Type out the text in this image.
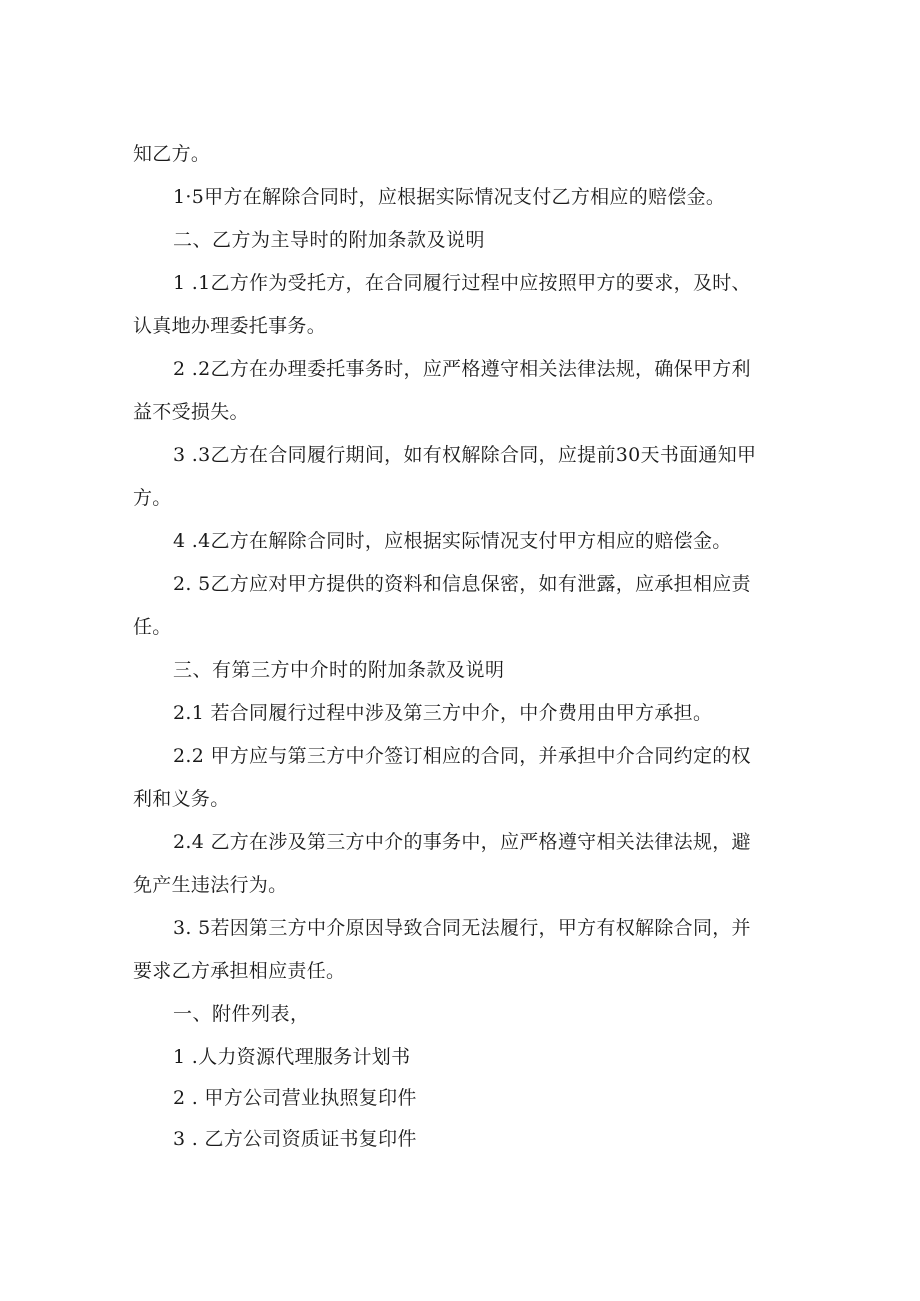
知乙方。
1·5甲方在解除合同时，应根据实际情况支付乙方相应的赔偿金。
二、乙方为主导时的附加条款及说明
1 .1乙方作为受托方，在合同履行过程中应按照甲方的要求，及时、
认真地办理委托事务。
2 .2乙方在办理委托事务时，应严格遵守相关法律法规，确保甲方利
益不受损失。
3 .3乙方在合同履行期间，如有权解除合同，应提前30天书面通知甲
方。
4 .4乙方在解除合同时，应根据实际情况支付甲方相应的赔偿金。
2. 5乙方应对甲方提供的资料和信息保密，如有泄露，应承担相应责
任。
三、有第三方中介时的附加条款及说明
2.1 若合同履行过程中涉及第三方中介，中介费用由甲方承担。
2.2 甲方应与第三方中介签订相应的合同，并承担中介合同约定的权
利和义务。
2.4 乙方在涉及第三方中介的事务中，应严格遵守相关法律法规，避
免产生违法行为。
3. 5若因第三方中介原因导致合同无法履行，甲方有权解除合同，并
要求乙方承担相应责任。
一、附件列表，
1 .人力资源代理服务计划书
2 . 甲方公司营业执照复印件
3 . 乙方公司资质证书复印件
